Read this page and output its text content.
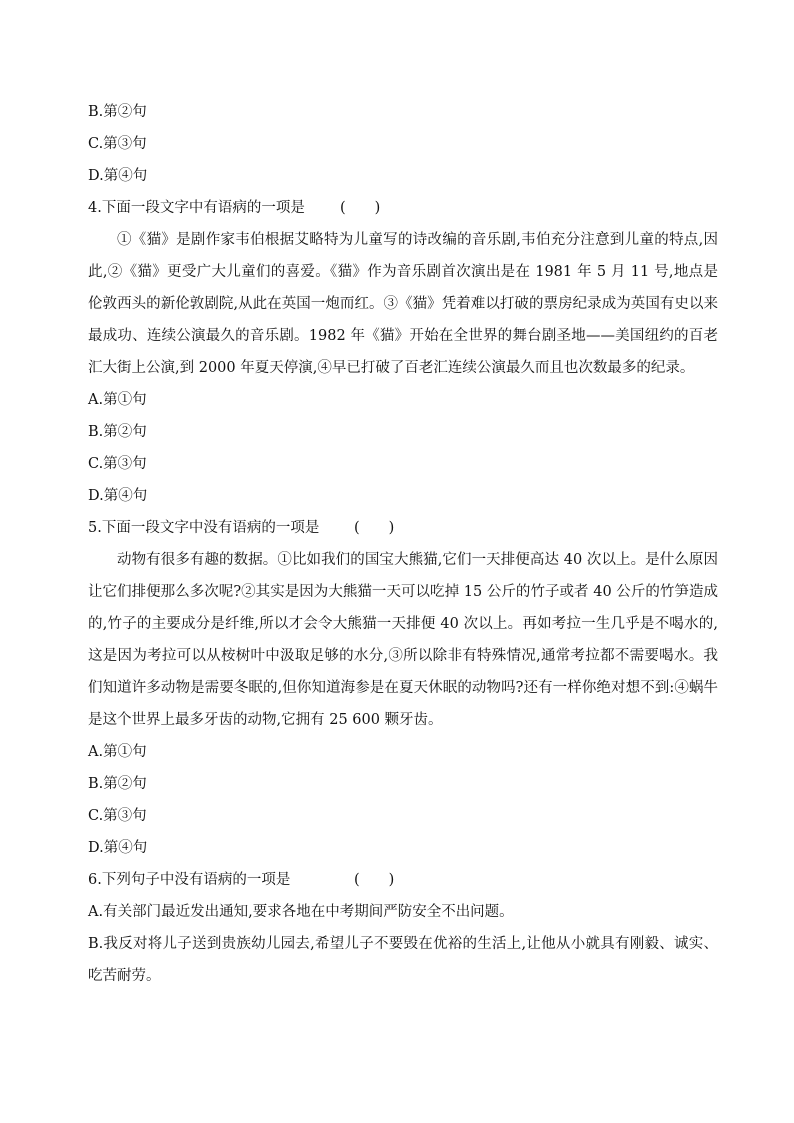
B.第②句
C.第③句
D.第④句
4.下面一段文字中有语病的一项是 (　　)

①《猫》是剧作家韦伯根据艾略特为儿童写的诗改编的音乐剧,韦伯充分注意到儿童的特点,因此,②《猫》更受广大儿童们的喜爱。《猫》作为音乐剧首次演出是在 1981 年 5 月 11 号,地点是伦敦西头的新伦敦剧院,从此在英国一炮而红。③《猫》凭着难以打破的票房纪录成为英国有史以来最成功、连续公演最久的音乐剧。1982 年《猫》开始在全世界的舞台剧圣地——美国纽约的百老汇大街上公演,到 2000 年夏天停演,④早已打破了百老汇连续公演最久而且也次数最多的纪录。

A.第①句
B.第②句
C.第③句
D.第④句
5.下面一段文字中没有语病的一项是 (　　)

动物有很多有趣的数据。①比如我们的国宝大熊猫,它们一天排便高达 40 次以上。是什么原因让它们排便那么多次呢?②其实是因为大熊猫一天可以吃掉 15 公斤的竹子或者 40 公斤的竹笋造成的,竹子的主要成分是纤维,所以才会令大熊猫一天排便 40 次以上。再如考拉一生几乎是不喝水的,这是因为考拉可以从桉树叶中汲取足够的水分,③所以除非有特殊情况,通常考拉都不需要喝水。我们知道许多动物是需要冬眠的,但你知道海参是在夏天休眠的动物吗?还有一样你绝对想不到:④蜗牛是这个世界上最多牙齿的动物,它拥有 25 600 颗牙齿。

A.第①句
B.第②句
C.第③句
D.第④句
6.下列句子中没有语病的一项是	(　　)
A.有关部门最近发出通知,要求各地在中考期间严防安全不出问题。
B.我反对将儿子送到贵族幼儿园去,希望儿子不要毁在优裕的生活上,让他从小就具有刚毅、诚实、吃苦耐劳。
